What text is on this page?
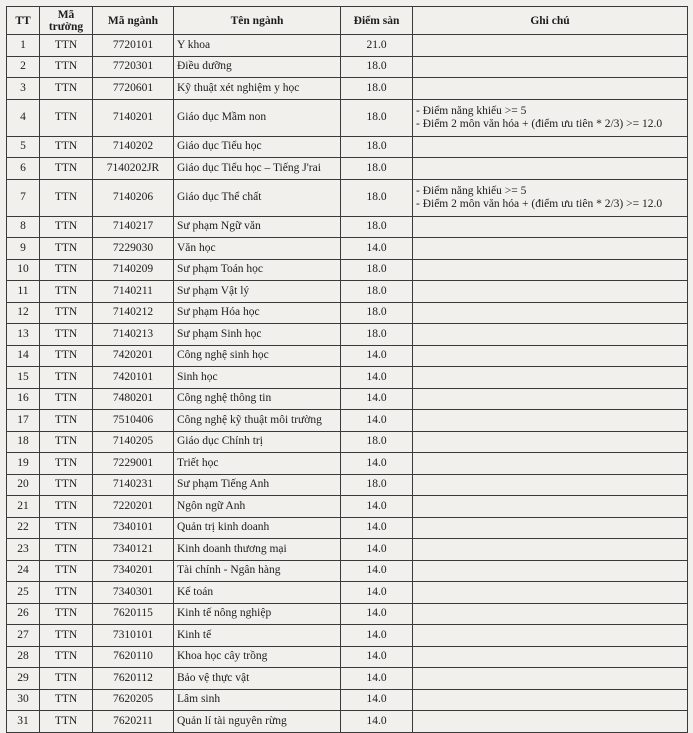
TT	Mã trường	Mã ngành	Tên ngành	Điểm sàn	Ghi chú
1	TTN	7720101	Y khoa	21.0	
2	TTN	7720301	Điều dưỡng	18.0	
3	TTN	7720601	Kỹ thuật xét nghiệm y học	18.0	
4	TTN	7140201	Giáo dục Mầm non	18.0	- Điểm năng khiếu >= 5
- Điểm 2 môn văn hóa + (điểm ưu tiên * 2/3) >= 12.0

5	TTN	7140202	Giáo dục Tiểu học	18.0	
6	TTN	7140202JR	Giáo dục Tiểu học – Tiếng J'rai	18.0	
7	TTN	7140206	Giáo dục Thể chất	18.0	- Điểm năng khiếu >= 5
- Điểm 2 môn văn hóa + (điểm ưu tiên * 2/3) >= 12.0

8	TTN	7140217	Sư phạm Ngữ văn	18.0	
9	TTN	7229030	Văn học	14.0	
10	TTN	7140209	Sư phạm Toán học	18.0	
11	TTN	7140211	Sư phạm Vật lý	18.0	
12	TTN	7140212	Sư phạm Hóa học	18.0	
13	TTN	7140213	Sư phạm Sinh học	18.0	
14	TTN	7420201	Công nghệ sinh học	14.0	
15	TTN	7420101	Sinh học	14.0	
16	TTN	7480201	Công nghệ thông tin	14.0	
17	TTN	7510406	Công nghệ kỹ thuật môi trường	14.0	
18	TTN	7140205	Giáo dục Chính trị	18.0	
19	TTN	7229001	Triết học	14.0	
20	TTN	7140231	Sư phạm Tiếng Anh	18.0	
21	TTN	7220201	Ngôn ngữ Anh	14.0	
22	TTN	7340101	Quản trị kinh doanh	14.0	
23	TTN	7340121	Kinh doanh thương mại	14.0	
24	TTN	7340201	Tài chính - Ngân hàng	14.0	
25	TTN	7340301	Kế toán	14.0	
26	TTN	7620115	Kinh tế nông nghiệp	14.0	
27	TTN	7310101	Kinh tế	14.0	
28	TTN	7620110	Khoa học cây trồng	14.0	
29	TTN	7620112	Bảo vệ thực vật	14.0	
30	TTN	7620205	Lâm sinh	14.0	
31	TTN	7620211	Quản lí tài nguyên rừng	14.0	
